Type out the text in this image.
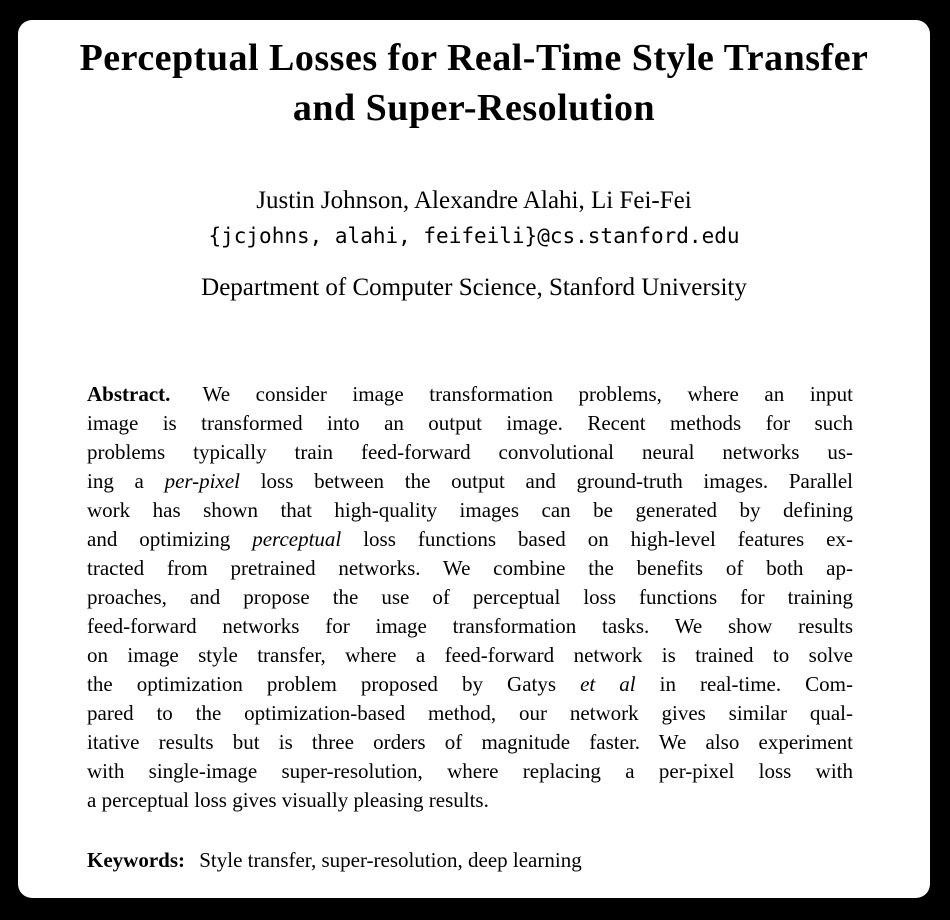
Perceptual Losses for Real-Time Style Transfer
and Super-Resolution
Justin Johnson, Alexandre Alahi, Li Fei-Fei
{jcjohns, alahi, feifeili}@cs.stanford.edu
Department of Computer Science, Stanford University
Abstract. We consider image transformation problems, where an input
image is transformed into an output image. Recent methods for such
problems typically train feed-forward convolutional neural networks us-
ing a per-pixel loss between the output and ground-truth images. Parallel
work has shown that high-quality images can be generated by defining
and optimizing perceptual loss functions based on high-level features ex-
tracted from pretrained networks. We combine the benefits of both ap-
proaches, and propose the use of perceptual loss functions for training
feed-forward networks for image transformation tasks. We show results
on image style transfer, where a feed-forward network is trained to solve
the optimization problem proposed by Gatys et al in real-time. Com-
pared to the optimization-based method, our network gives similar qual-
itative results but is three orders of magnitude faster. We also experiment
with single-image super-resolution, where replacing a per-pixel loss with
a perceptual loss gives visually pleasing results.
Keywords: Style transfer, super-resolution, deep learning
